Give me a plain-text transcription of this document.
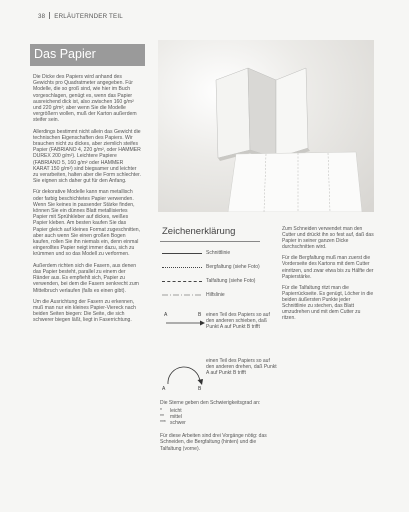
38 ERLÄUTERNDER TEIL
Das Papier

Die Dicke des Papiers wird anhand des Gewichts pro Quadratmeter angegeben. Für Modelle, die so groß sind, wie hier im Buch vorgeschlagen, genügt es, wenn das Papier ausreichend dick ist, also zwischen 160 g/m² und 220 g/m²; aber wenn Sie die Modelle vergrößern wollen, muß der Karton außerdem steifer sein.

Allerdings bestimmt nicht allein das Gewicht die technischen Eigenschaften des Papiers. Wir brauchen nicht zu dickes, aber ziemlich steifes Papier (FABRIANO 4, 220 g/m², oder HAMMER DUREX 200 g/m²). Leichtere Papiere (FABRIANO 5, 160 g/m² oder HAMMER KARAT 150 g/m²) sind biegsamer und leichter zu verarbeiten, halten aber die Form schlechter. Sie eignen sich daher gut für den Anfang.

Für dekorative Modelle kann man metallisch oder farbig beschichtetes Papier verwenden. Wenn Sie keines in passender Stärke finden, können Sie ein dünnes Blatt metallisiertes Papier mit Sprühkleber auf dickes, weißes Papier kleben. Am besten kaufen Sie das Papier gleich auf kleines Format zugeschnitten, aber auch wenn Sie einen großen Bogen kaufen, rollen Sie ihn niemals ein, denn einmal eingerolltes Papier neigt immer dazu, sich zu krümmen und so das Modell zu verformen.

Außerdem richten sich die Fasern, aus denen das Papier besteht, parallel zu einem der Ränder aus. Es empfiehlt sich, Papier zu verwenden, bei dem die Fasern senkrecht zum Mittelbruch verlaufen (falls es einen gibt).

Um die Ausrichtung der Fasern zu erkennen, muß man nur ein kleines Papier-Viereck nach beiden Seiten biegen: Die Seite, die sich schwerer biegen läßt, liegt in Faserrichtung.

Zeichenerklärung
Schnittlinie
Bergfaltung (siehe Foto)
Talfaltung (siehe Foto)
Hilfslinie
A	B einen Teil des Papiers so auf den anderen schieben, daß Punkt A auf Punkt B trifft
A	B
einen Teil des Papiers so auf den anderen drehen, daß Punkt A auf Punkt B trifft

Die Sterne geben den Schwierigkeitsgrad an:

* leicht
** mittel
*** schwer

Für diese Arbeiten sind drei Vorgänge nötig: das Schneiden, die Bergfaltung (hinten) und die Talfaltung (vorne).

Zum Schneiden verwendet man den Cutter und drückt ihn so fest auf, daß das Papier in seiner ganzen Dicke durchschnitten wird.

Für die Bergfaltung muß man zuerst die Vorderseite des Kartons mit dem Cutter einritzen, und zwar etwa bis zu Hälfte der Papierstärke.

Für die Talfaltung ritzt man die Papierrückseite. Es genügt, Löcher in die beiden äußersten Punkte jeder Schnittlinie zu stechen, das Blatt umzudrehen und mit dem Cutter zu ritzen.
